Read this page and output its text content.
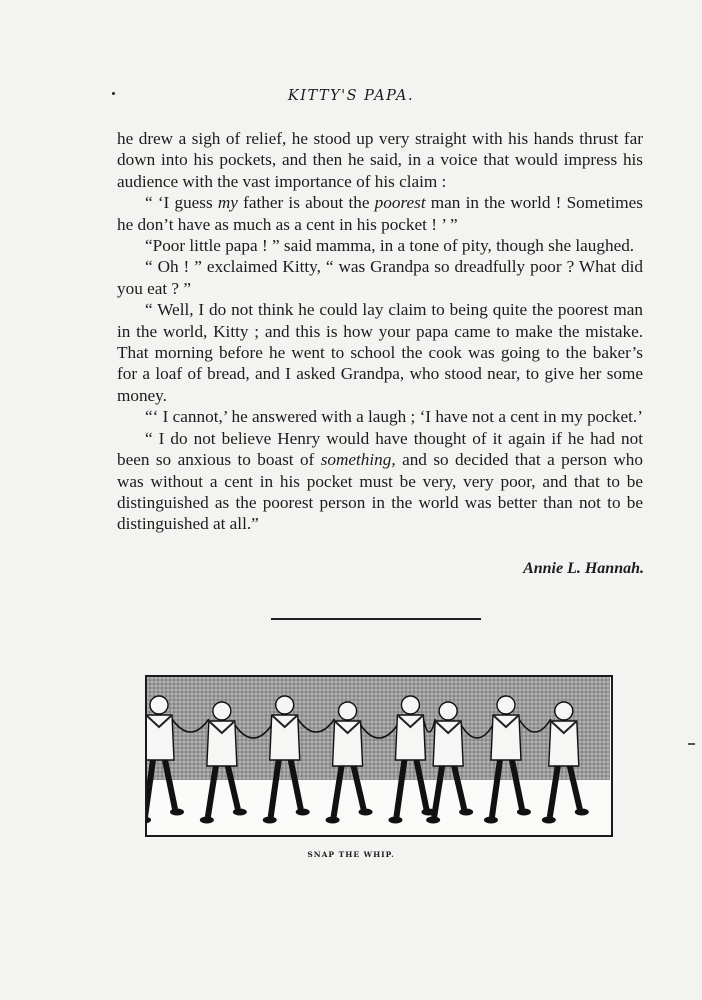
KITTY'S PAPA.

he drew a sigh of relief, he stood up very straight with his hands thrust far down into his pockets, and then he said, in a voice that would impress his audience with the vast importance of his claim :

“ ‘I guess my father is about the poorest man in the world ! Sometimes he don’t have as much as a cent in his pocket ! ’ ”

“Poor little papa ! ” said mamma, in a tone of pity, though she laughed.

“ Oh ! ” exclaimed Kitty, “ was Grandpa so dreadfully poor ? What did you eat ? ”

“ Well, I do not think he could lay claim to being quite the poorest man in the world, Kitty ; and this is how your papa came to make the mistake. That morning before he went to school the cook was going to the baker’s for a loaf of bread, and I asked Grandpa, who stood near, to give her some money.

“‘ I cannot,’ he answered with a laugh ; ‘I have not a cent in my pocket.’

“ I do not believe Henry would have thought of it again if he had not been so anxious to boast of something, and so decided that a person who was without a cent in his pocket must be very, very poor, and that to be distinguished as the poorest person in the world was better than not to be distinguished at all.”

Annie L. Hannah.
SNAP THE WHIP.
